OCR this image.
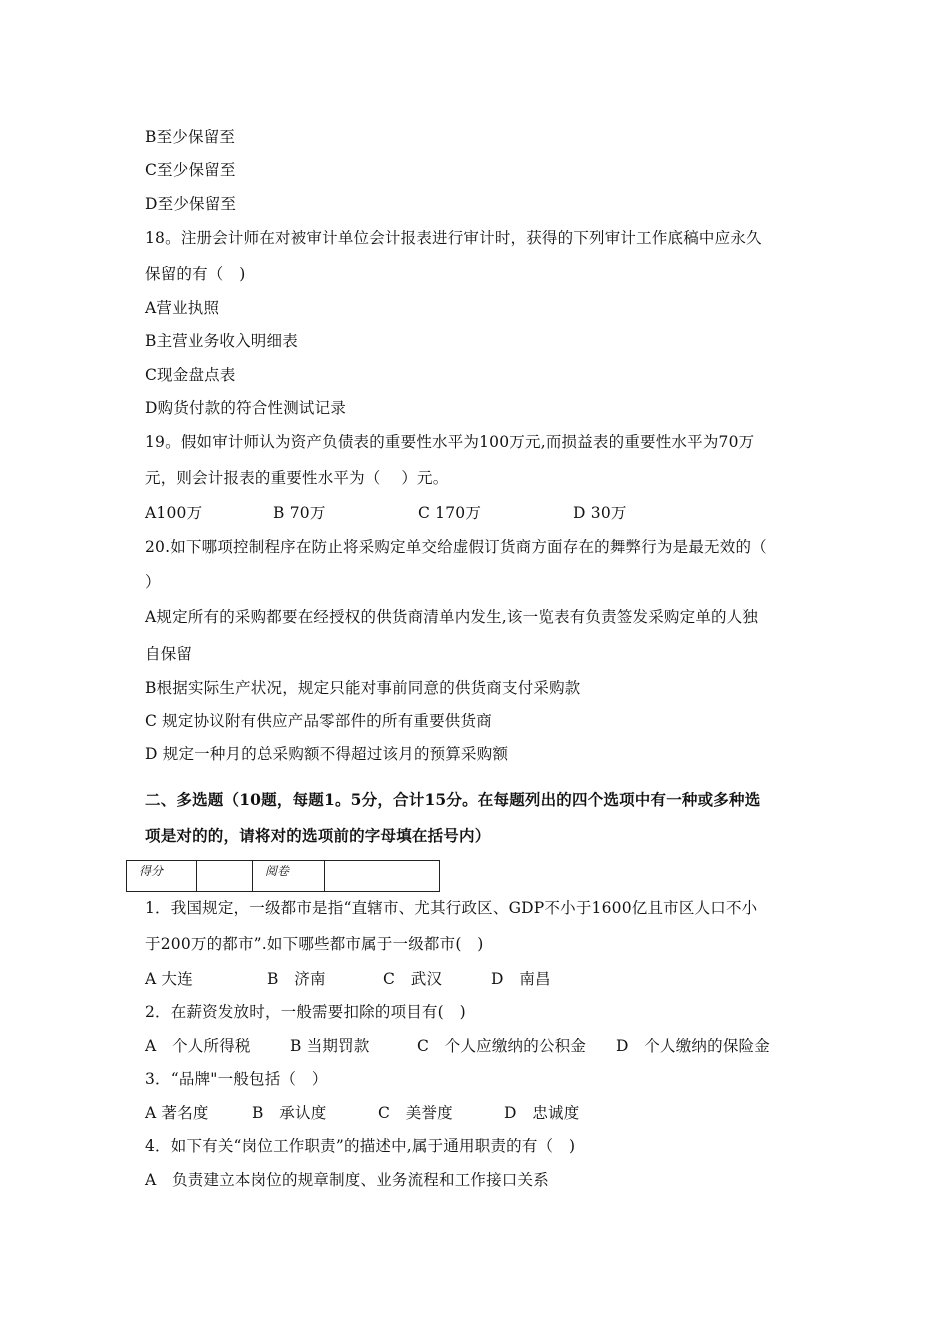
B至少保留至
C至少保留至
D至少保留至
18。注册会计师在对被审计单位会计报表进行审计时，获得的下列审计工作底稿中应永久
保留的有（　)
A营业执照
B主营业务收入明细表
C现金盘点表
D购货付款的符合性测试记录
19。假如审计师认为资产负债表的重要性水平为100万元,而损益表的重要性水平为70万
元，则会计报表的重要性水平为（　 ）元。
A100万	B 70万	C 170万	D 30万
20.如下哪项控制程序在防止将采购定单交给虚假订货商方面存在的舞弊行为是最无效的（
）
A规定所有的采购都要在经授权的供货商清单内发生,该一览表有负责签发采购定单的人独
自保留
B根据实际生产状况，规定只能对事前同意的供货商支付采购款
C 规定协议附有供应产品零部件的所有重要供货商
D 规定一种月的总采购额不得超过该月的预算采购额
二、多选题（10题，每题1。5分，合计15分。在每题列出的四个选项中有一种或多种选
项是对的的，请将对的选项前的字母填在括号内）
得分		阅卷	
1．我国规定，一级都市是指“直辖市、尤其行政区、GDP不小于1600亿且市区人口不小
于200万的都市”.如下哪些都市属于一级都市(　)
A 大连	B　济南	C　武汉	D　南昌
2．在薪资发放时，一般需要扣除的项目有(　)
A　个人所得税	B 当期罚款	C　个人应缴纳的公积金	D　个人缴纳的保险金
3．“品牌"一般包括（　）
A 著名度	B　承认度	C　美誉度	D　忠诚度
4．如下有关“岗位工作职责”的描述中,属于通用职责的有（　)
A　负责建立本岗位的规章制度、业务流程和工作接口关系
